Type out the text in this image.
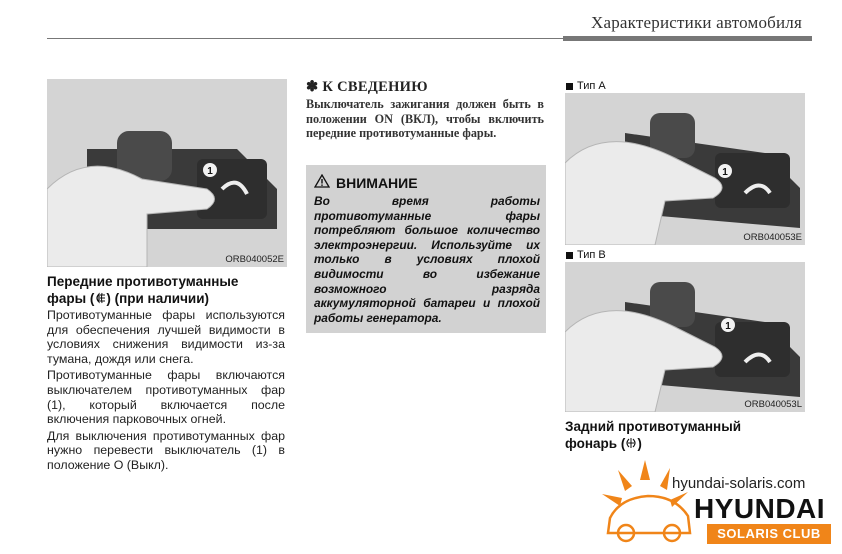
Характеристики автомобиля
1
ORB040052E
Передние противотуманные
фары ( ) (при наличии)

Противотуманные фары используются для обеспечения лучшей видимости в условиях снижения видимости из-за тумана, дождя или снега.

Противотуманные фары включаются выключателем противотуманных фар (1), который включается после включения парковочных огней.

Для выключения противотуманных фар нужно перевести выключатель (1) в положение O (Выкл).

✽ К СВЕДЕНИЮ
Выключатель зажигания должен быть в положении ON (ВКЛ), чтобы включить передние противотуманные фары.
ВНИМАНИЕ
Во время работы противотуманные фары потребляют большое количество электроэнергии. Используйте их только в условиях плохой видимости во избежание возможного разряда аккумуляторной батареи и плохой работы генератора.
Тип A
1
ORB040053E
Тип B
1
ORB040053L
Задний противотуманный
фонарь ( )
hyundai-solaris.com
HYUNDAI
SOLARIS CLUB
